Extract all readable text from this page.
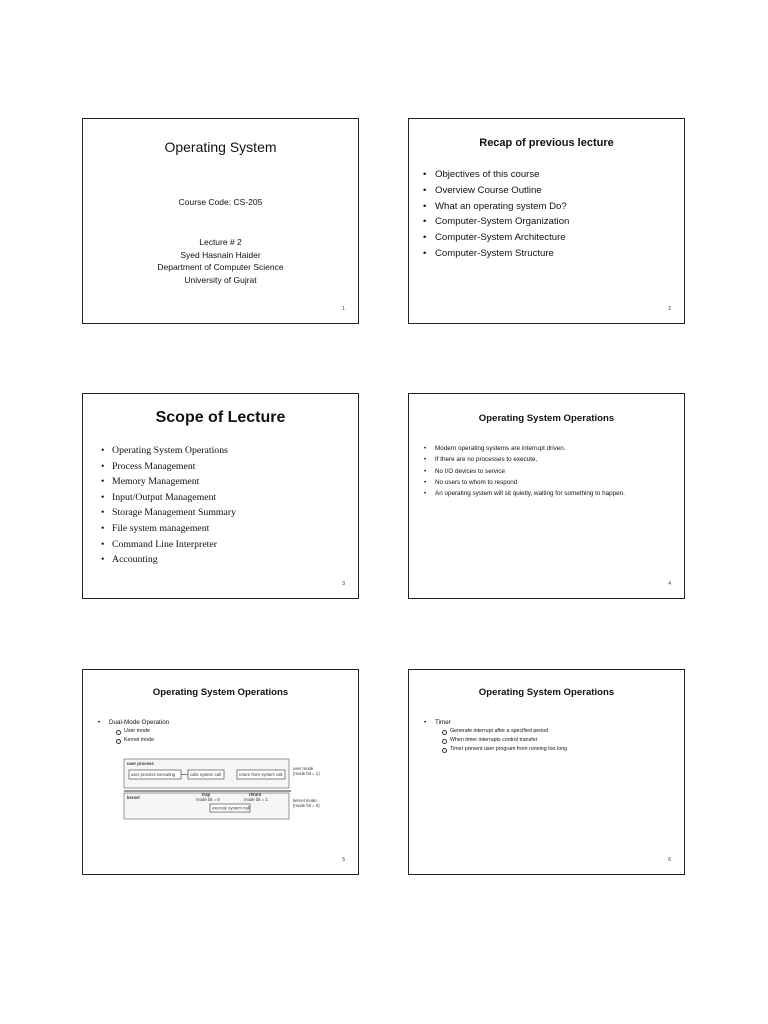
Operating System
Course Code: CS-205
Lecture # 2
Syed Hasnain Haider
Department of Computer Science
University of Gujrat
1
Recap of previous lecture
• Objectives of this course
• Overview Course Outline
• What an operating system Do?
• Computer-System Organization
• Computer-System Architecture
• Computer-System Structure
2
Scope of Lecture
• Operating System Operations
• Process Management
• Memory Management
• Input/Output Management
• Storage Management Summary
• File system management
• Command Line Interpreter
• Accounting
3
Operating System Operations
• Modern operating systems are interrupt driven.
• If there are no processes to execute,
• No I/O devices to service
• No users to whom to respond
• An operating system will sit quietly, waiting for something to happen.
4
Operating System Operations
• Dual-Mode Operation
User mode
Kernel mode
user process
user process executing	calls system call	return from system call
user mode
(mode bit = 1)
kernel
trap
mode bit = 0
return
mode bit = 1
execute system call
kernel mode
(mode bit = 0)
5
Operating System Operations
• Timer
Generate interrupt after a specified period
When timer interrupts control transfer
Timer prevent user program from running too long
6
